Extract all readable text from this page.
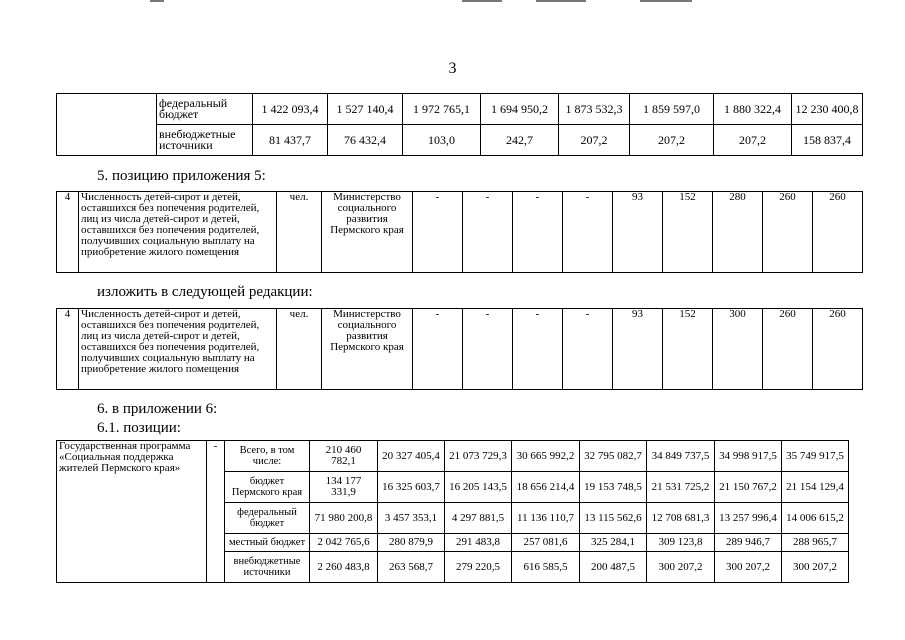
3
	федеральный бюджет	1 422 093,4	1 527 140,4	1 972 765,1	1 694 950,2	1 873 532,3	1 859 597,0	1 880 322,4	12 230 400,8
	внебюджетные источники	81 437,7	76 432,4	103,0	242,7	207,2	207,2	207,2	158 837,4
5. позицию приложения 5:
4	Численность детей-сирот и детей, оставшихся без попечения родителей, лиц из числа детей-сирот и детей, оставшихся без попечения родителей, получивших социальную выплату на приобретение жилого помещения	чел.	Министерство социального развития Пермского края	-	-	-	-	93	152	280	260	260
изложить в следующей редакции:
4	Численность детей-сирот и детей, оставшихся без попечения родителей, лиц из числа детей-сирот и детей, оставшихся без попечения родителей, получивших социальную выплату на приобретение жилого помещения	чел.	Министерство социального развития Пермского края	-	-	-	-	93	152	300	260	260
6. в приложении 6:
6.1. позиции:
Государственная программа «Социальная поддержка жителей Пермского края»	-	Всего, в том числе:	210 460 782,1	20 327 405,4	21 073 729,3	30 665 992,2	32 795 082,7	34 849 737,5	34 998 917,5	35 749 917,5
		бюджет Пермского края	134 177 331,9	16 325 603,7	16 205 143,5	18 656 214,4	19 153 748,5	21 531 725,2	21 150 767,2	21 154 129,4
		федеральный бюджет	71 980 200,8	3 457 353,1	4 297 881,5	11 136 110,7	13 115 562,6	12 708 681,3	13 257 996,4	14 006 615,2
		местный бюджет	2 042 765,6	280 879,9	291 483,8	257 081,6	325 284,1	309 123,8	289 946,7	288 965,7
		внебюджетные источники	2 260 483,8	263 568,7	279 220,5	616 585,5	200 487,5	300 207,2	300 207,2	300 207,2
